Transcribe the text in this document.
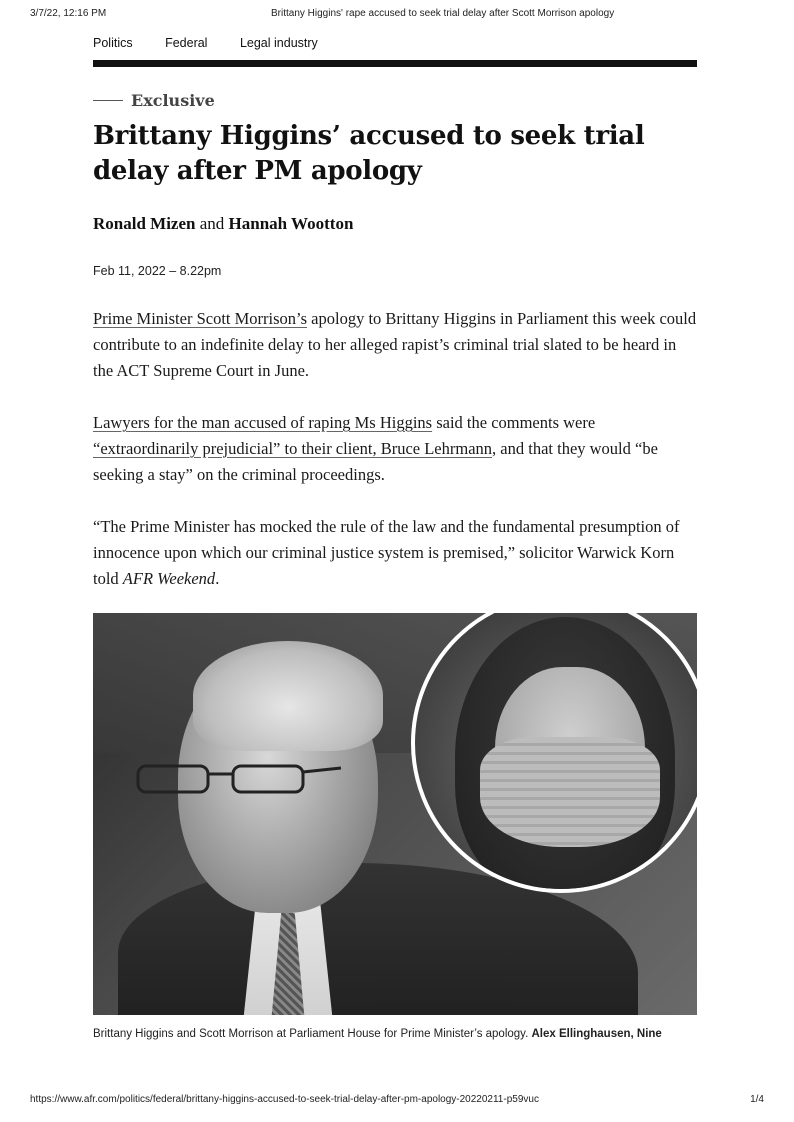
3/7/22, 12:16 PM	Brittany Higgins' rape accused to seek trial delay after Scott Morrison apology
Politics	Federal	Legal industry
Exclusive
Brittany Higgins’ accused to seek trial delay after PM apology
Ronald Mizen and Hannah Wootton
Feb 11, 2022 – 8.22pm

Prime Minister Scott Morrison’s apology to Brittany Higgins in Parliament this week could contribute to an indefinite delay to her alleged rapist’s criminal trial slated to be heard in the ACT Supreme Court in June.

Lawyers for the man accused of raping Ms Higgins said the comments were “extraordinarily prejudicial” to their client, Bruce Lehrmann, and that they would “be seeking a stay” on the criminal proceedings.

“The Prime Minister has mocked the rule of the law and the fundamental presumption of innocence upon which our criminal justice system is premised,” solicitor Warwick Korn told AFR Weekend.

Brittany Higgins and Scott Morrison at Parliament House for Prime Minister’s apology. Alex Ellinghausen, Nine
https://www.afr.com/politics/federal/brittany-higgins-accused-to-seek-trial-delay-after-pm-apology-20220211-p59vuc	1/4
